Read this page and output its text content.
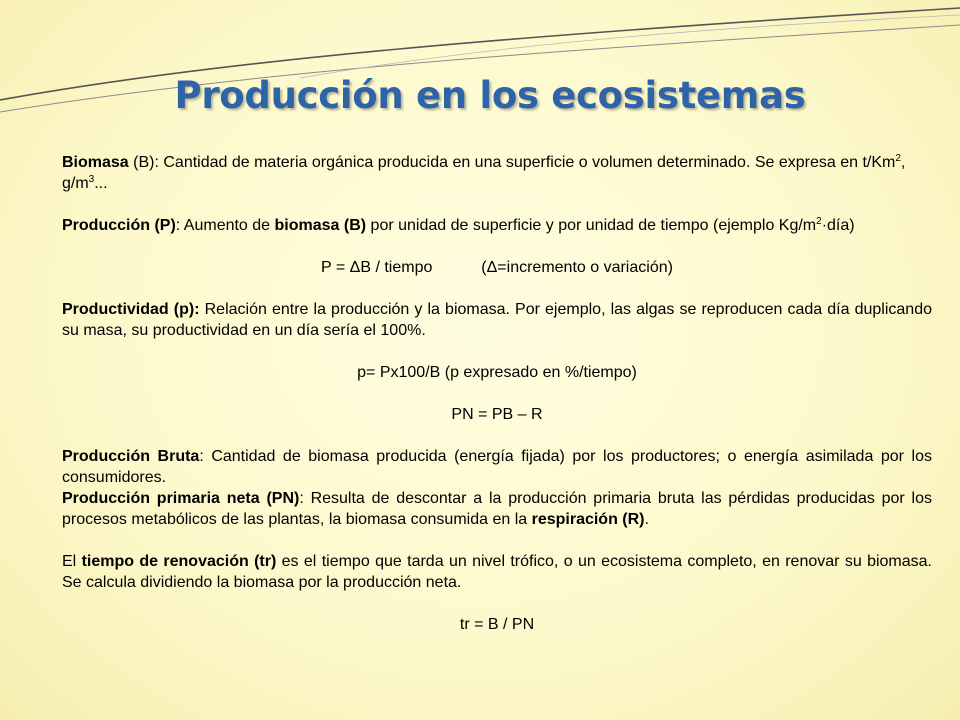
Producción en los ecosistemas

Biomasa (B): Cantidad de materia orgánica producida en una superficie o volumen determinado. Se expresa en t/Km$^2$, $g/m^3$...

Producción (P): Aumento de biomasa (B) por unidad de superficie y por unidad de tiempo (ejemplo $Kg/m^2\cdot día$)

P = ΔB / tiempo           (Δ=incremento o variación)

Productividad (p): Relación entre la producción y la biomasa. Por ejemplo, las algas se reproducen cada día duplicando su masa, su productividad en un día sería el 100%.

p= Px100/B (p expresado en %/tiempo)

PN = PB – R

Producción Bruta: Cantidad de biomasa producida (energía fijada) por los productores; o energía asimilada por los consumidores.

Producción primaria neta (PN): Resulta de descontar a la producción primaria bruta las pérdidas producidas por los procesos metabólicos de las plantas, la biomasa consumida en la respiración (R).

El tiempo de renovación (tr) es el tiempo que tarda un nivel trófico, o un ecosistema completo, en renovar su biomasa. Se calcula dividiendo la biomasa por la producción neta.

tr = B / PN
